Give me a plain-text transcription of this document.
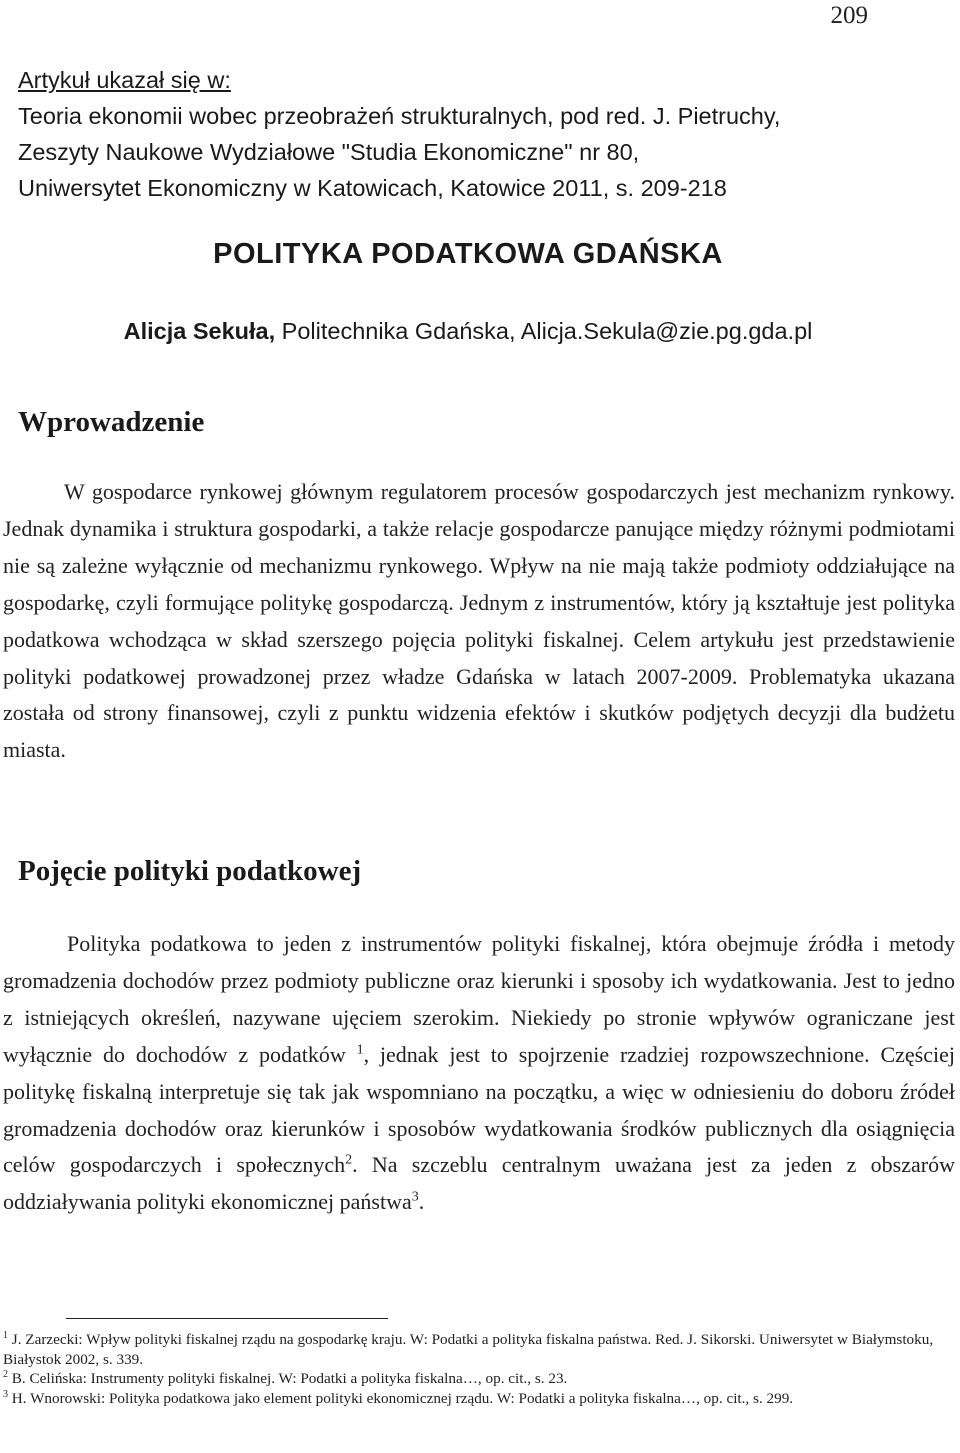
209
Artykuł ukazał się w:
Teoria ekonomii wobec przeobrażeń strukturalnych, pod red. J. Pietruchy,
Zeszyty Naukowe Wydziałowe "Studia Ekonomiczne" nr 80,
Uniwersytet Ekonomiczny w Katowicach, Katowice 2011, s. 209-218
POLITYKA PODATKOWA GDAŃSKA
Alicja Sekuła, Politechnika Gdańska, Alicja.Sekula@zie.pg.gda.pl
Wprowadzenie

W gospodarce rynkowej głównym regulatorem procesów gospodarczych jest mechanizm rynkowy. Jednak dynamika i struktura gospodarki, a także relacje gospodarcze panujące między różnymi podmiotami nie są zależne wyłącznie od mechanizmu rynkowego. Wpływ na nie mają także podmioty oddziałujące na gospodarkę, czyli formujące politykę gospodarczą. Jednym z instrumentów, który ją kształtuje jest polityka podatkowa wchodząca w skład szerszego pojęcia polityki fiskalnej. Celem artykułu jest przedstawienie polityki podatkowej prowadzonej przez władze Gdańska w latach 2007-2009. Problematyka ukazana została od strony finansowej, czyli z punktu widzenia efektów i skutków podjętych decyzji dla budżetu miasta.

Pojęcie polityki podatkowej

Polityka podatkowa to jeden z instrumentów polityki fiskalnej, która obejmuje źródła i metody gromadzenia dochodów przez podmioty publiczne oraz kierunki i sposoby ich wydatkowania. Jest to jedno z istniejących określeń, nazywane ujęciem szerokim. Niekiedy po stronie wpływów ograniczane jest wyłącznie do dochodów z podatków $^1$, jednak jest to spojrzenie rzadziej rozpowszechnione. Częściej politykę fiskalną interpretuje się tak jak wspomniano na początku, a więc w odniesieniu do doboru źródeł gromadzenia dochodów oraz kierunków i sposobów wydatkowania środków publicznych dla osiągnięcia celów gospodarczych i społecznych$^2$. Na szczeblu centralnym uważana jest za jeden z obszarów oddziaływania polityki ekonomicznej państwa$^3$.

$^1$ J. Zarzecki: Wpływ polityki fiskalnej rządu na gospodarkę kraju. W: Podatki a polityka fiskalna państwa. Red. J. Sikorski. Uniwersytet w Białymstoku, Białystok 2002, s. 339.

$^2$ B. Celińska: Instrumenty polityki fiskalnej. W: Podatki a polityka fiskalna…, op. cit., s. 23.

$^3$ H. Wnorowski: Polityka podatkowa jako element polityki ekonomicznej rządu. W: Podatki a polityka fiskalna…, op. cit., s. 299.
